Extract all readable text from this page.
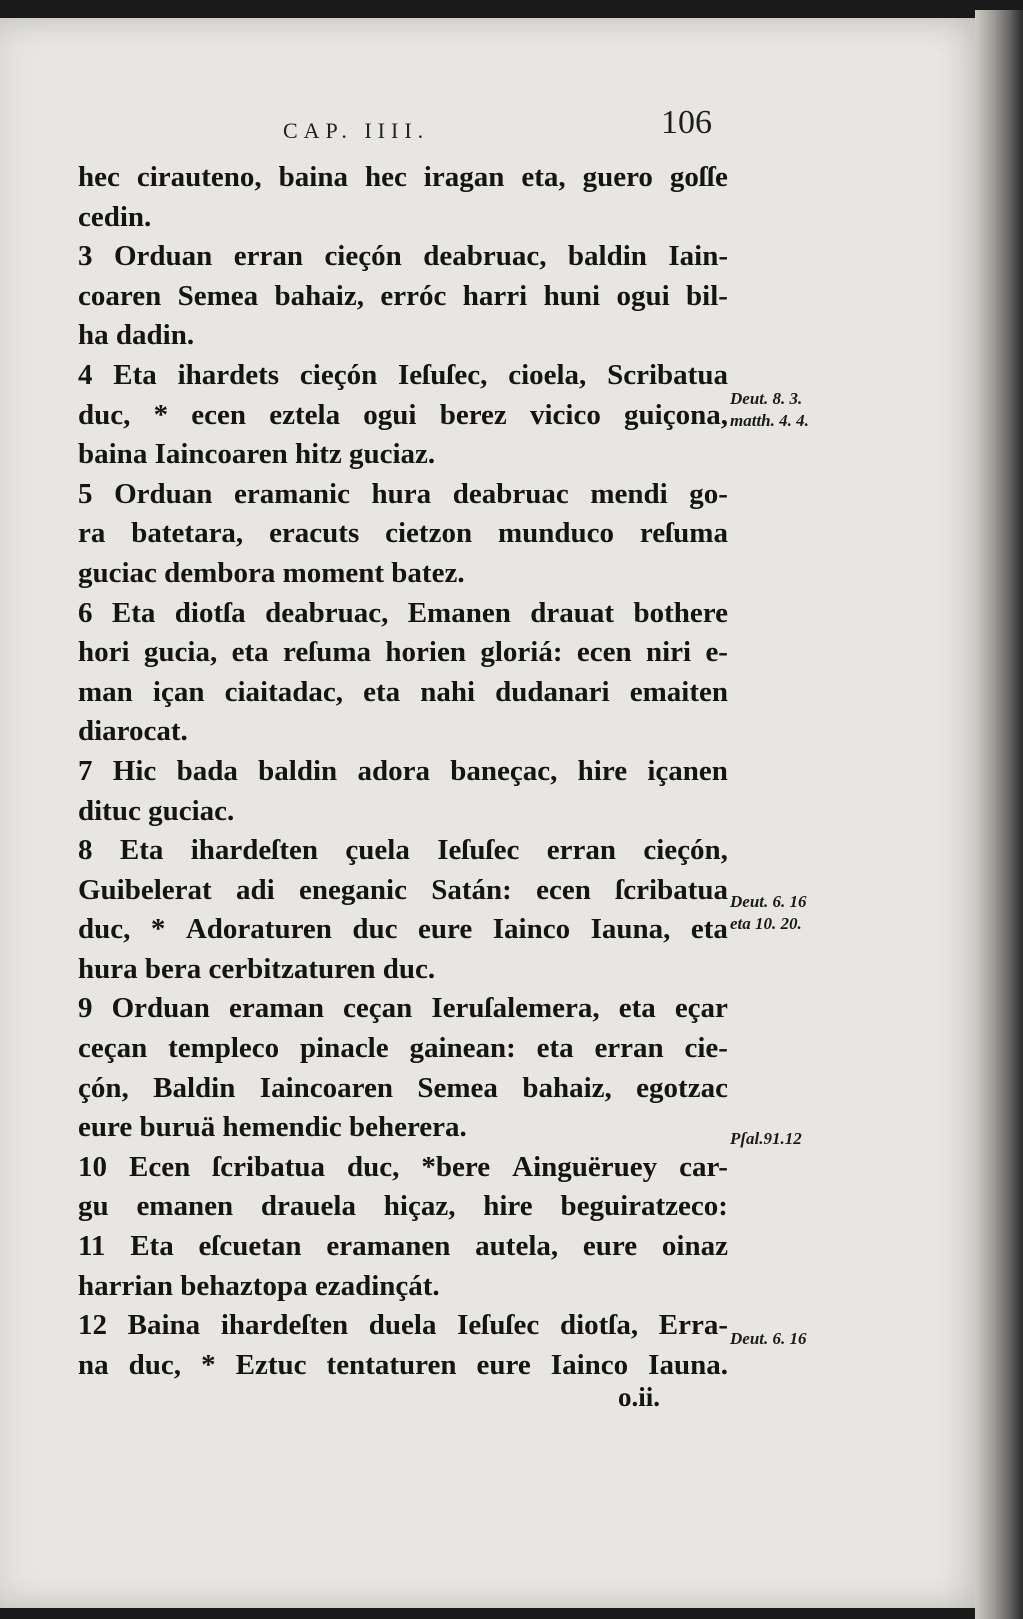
CAP. IIII.	106
hec cirauteno, baina hec iragan eta, guero goſſe
cedin.
3 Orduan erran cieçón deabruac, baldin Iain-
coaren Semea bahaiz, erróc harri huni ogui bil-
ha dadin.
4 Eta ihardets cieçón Ieſuſec, cioela, Scribatua
duc, * ecen eztela ogui berez vicico guiçona,
baina Iaincoaren hitz guciaz.
5 Orduan eramanic hura deabruac mendi go-
ra batetara, eracuts cietzon munduco reſuma
guciac dembora moment batez.
6 Eta diotſa deabruac, Emanen drauat bothere
hori gucia, eta reſuma horien gloriá: ecen niri e-
man içan ciaitadac, eta nahi dudanari emaiten
diarocat.
7 Hic bada baldin adora baneçac, hire içanen
dituc guciac.
8 Eta ihardeſten çuela Ieſuſec erran cieçón,
Guibelerat adi eneganic Satán: ecen ſcribatua
duc, * Adoraturen duc eure Iainco Iauna, eta
hura bera cerbitzaturen duc.
9 Orduan eraman ceçan Ieruſalemera, eta eçar
ceçan templeco pinacle gainean: eta erran cie-
çón, Baldin Iaincoaren Semea bahaiz, egotzac
eure buruä hemendic beherera.
10 Ecen ſcribatua duc, *bere Ainguëruey car-
gu emanen drauela hiçaz, hire beguiratzeco:
11 Eta eſcuetan eramanen autela, eure oinaz
harrian behaztopa ezadinçát.
12 Baina ihardeſten duela Ieſuſec diotſa, Erra-
na duc, * Eztuc tentaturen eure Iainco Iauna.
Deut. 8. 3.
matth. 4. 4.
Deut. 6. 16
eta 10. 20.
Pſal.91.12
Deut. 6. 16
o.ii.
